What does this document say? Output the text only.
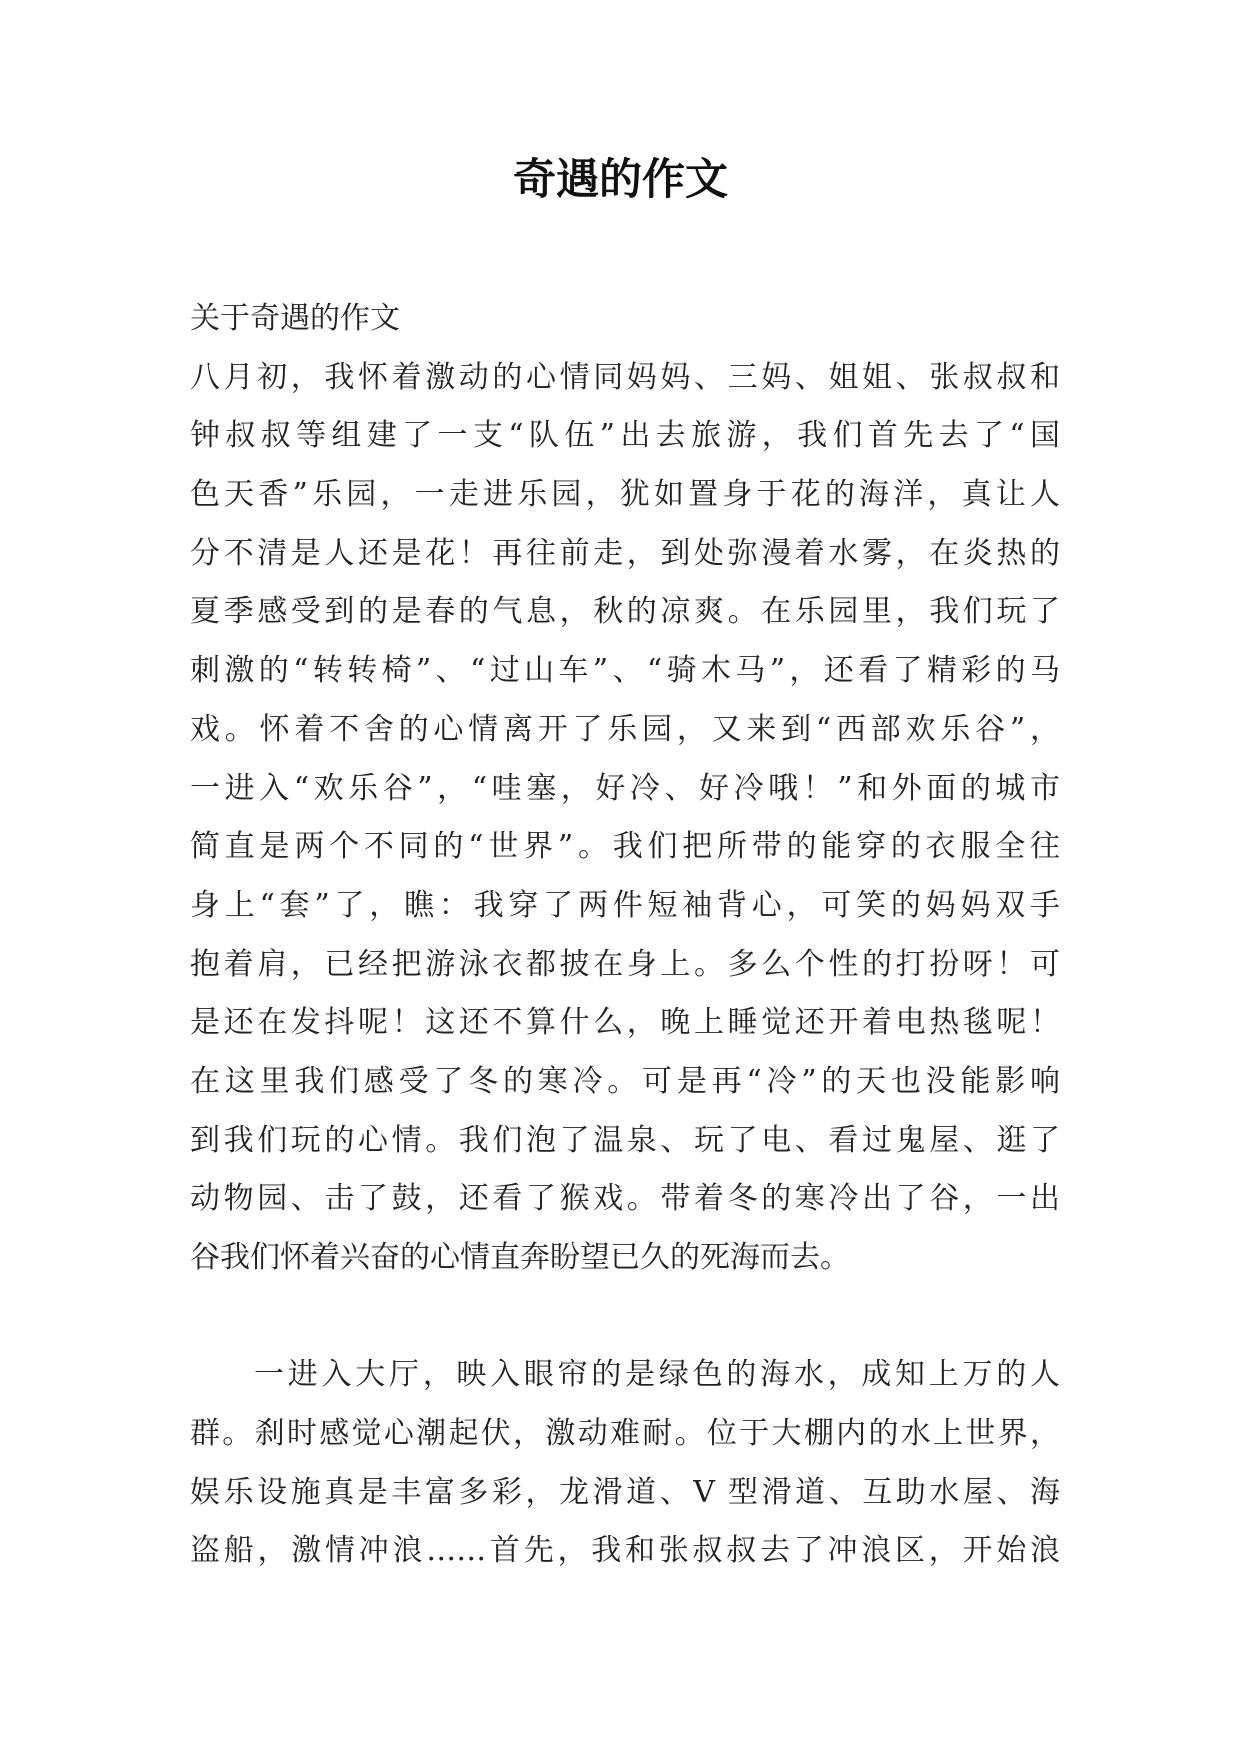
奇遇的作文
关于奇遇的作文
八月初，我怀着激动的心情同妈妈、三妈、姐姐、张叔叔和
钟叔叔等组建了一支“队伍”出去旅游，我们首先去了“国
色天香”乐园，一走进乐园，犹如置身于花的海洋，真让人
分不清是人还是花！再往前走，到处弥漫着水雾，在炎热的
夏季感受到的是春的气息，秋的凉爽。在乐园里，我们玩了
刺激的“转转椅”、“过山车”、“骑木马”，还看了精彩的马
戏。怀着不舍的心情离开了乐园，又来到“西部欢乐谷”，
一进入“欢乐谷”，“哇塞，好冷、好冷哦！”和外面的城市
简直是两个不同的“世界”。我们把所带的能穿的衣服全往
身上“套”了，瞧：我穿了两件短袖背心，可笑的妈妈双手
抱着肩，已经把游泳衣都披在身上。多么个性的打扮呀！可
是还在发抖呢！这还不算什么，晚上睡觉还开着电热毯呢！
在这里我们感受了冬的寒冷。可是再“冷”的天也没能影响
到我们玩的心情。我们泡了温泉、玩了电、看过鬼屋、逛了
动物园、击了鼓，还看了猴戏。带着冬的寒冷出了谷，一出
谷我们怀着兴奋的心情直奔盼望已久的死海而去。
一进入大厅，映入眼帘的是绿色的海水，成知上万的人
群。刹时感觉心潮起伏，激动难耐。位于大棚内的水上世界，
娱乐设施真是丰富多彩，龙滑道、V 型滑道、互助水屋、海
盗船，激情冲浪……首先，我和张叔叔去了冲浪区，开始浪
